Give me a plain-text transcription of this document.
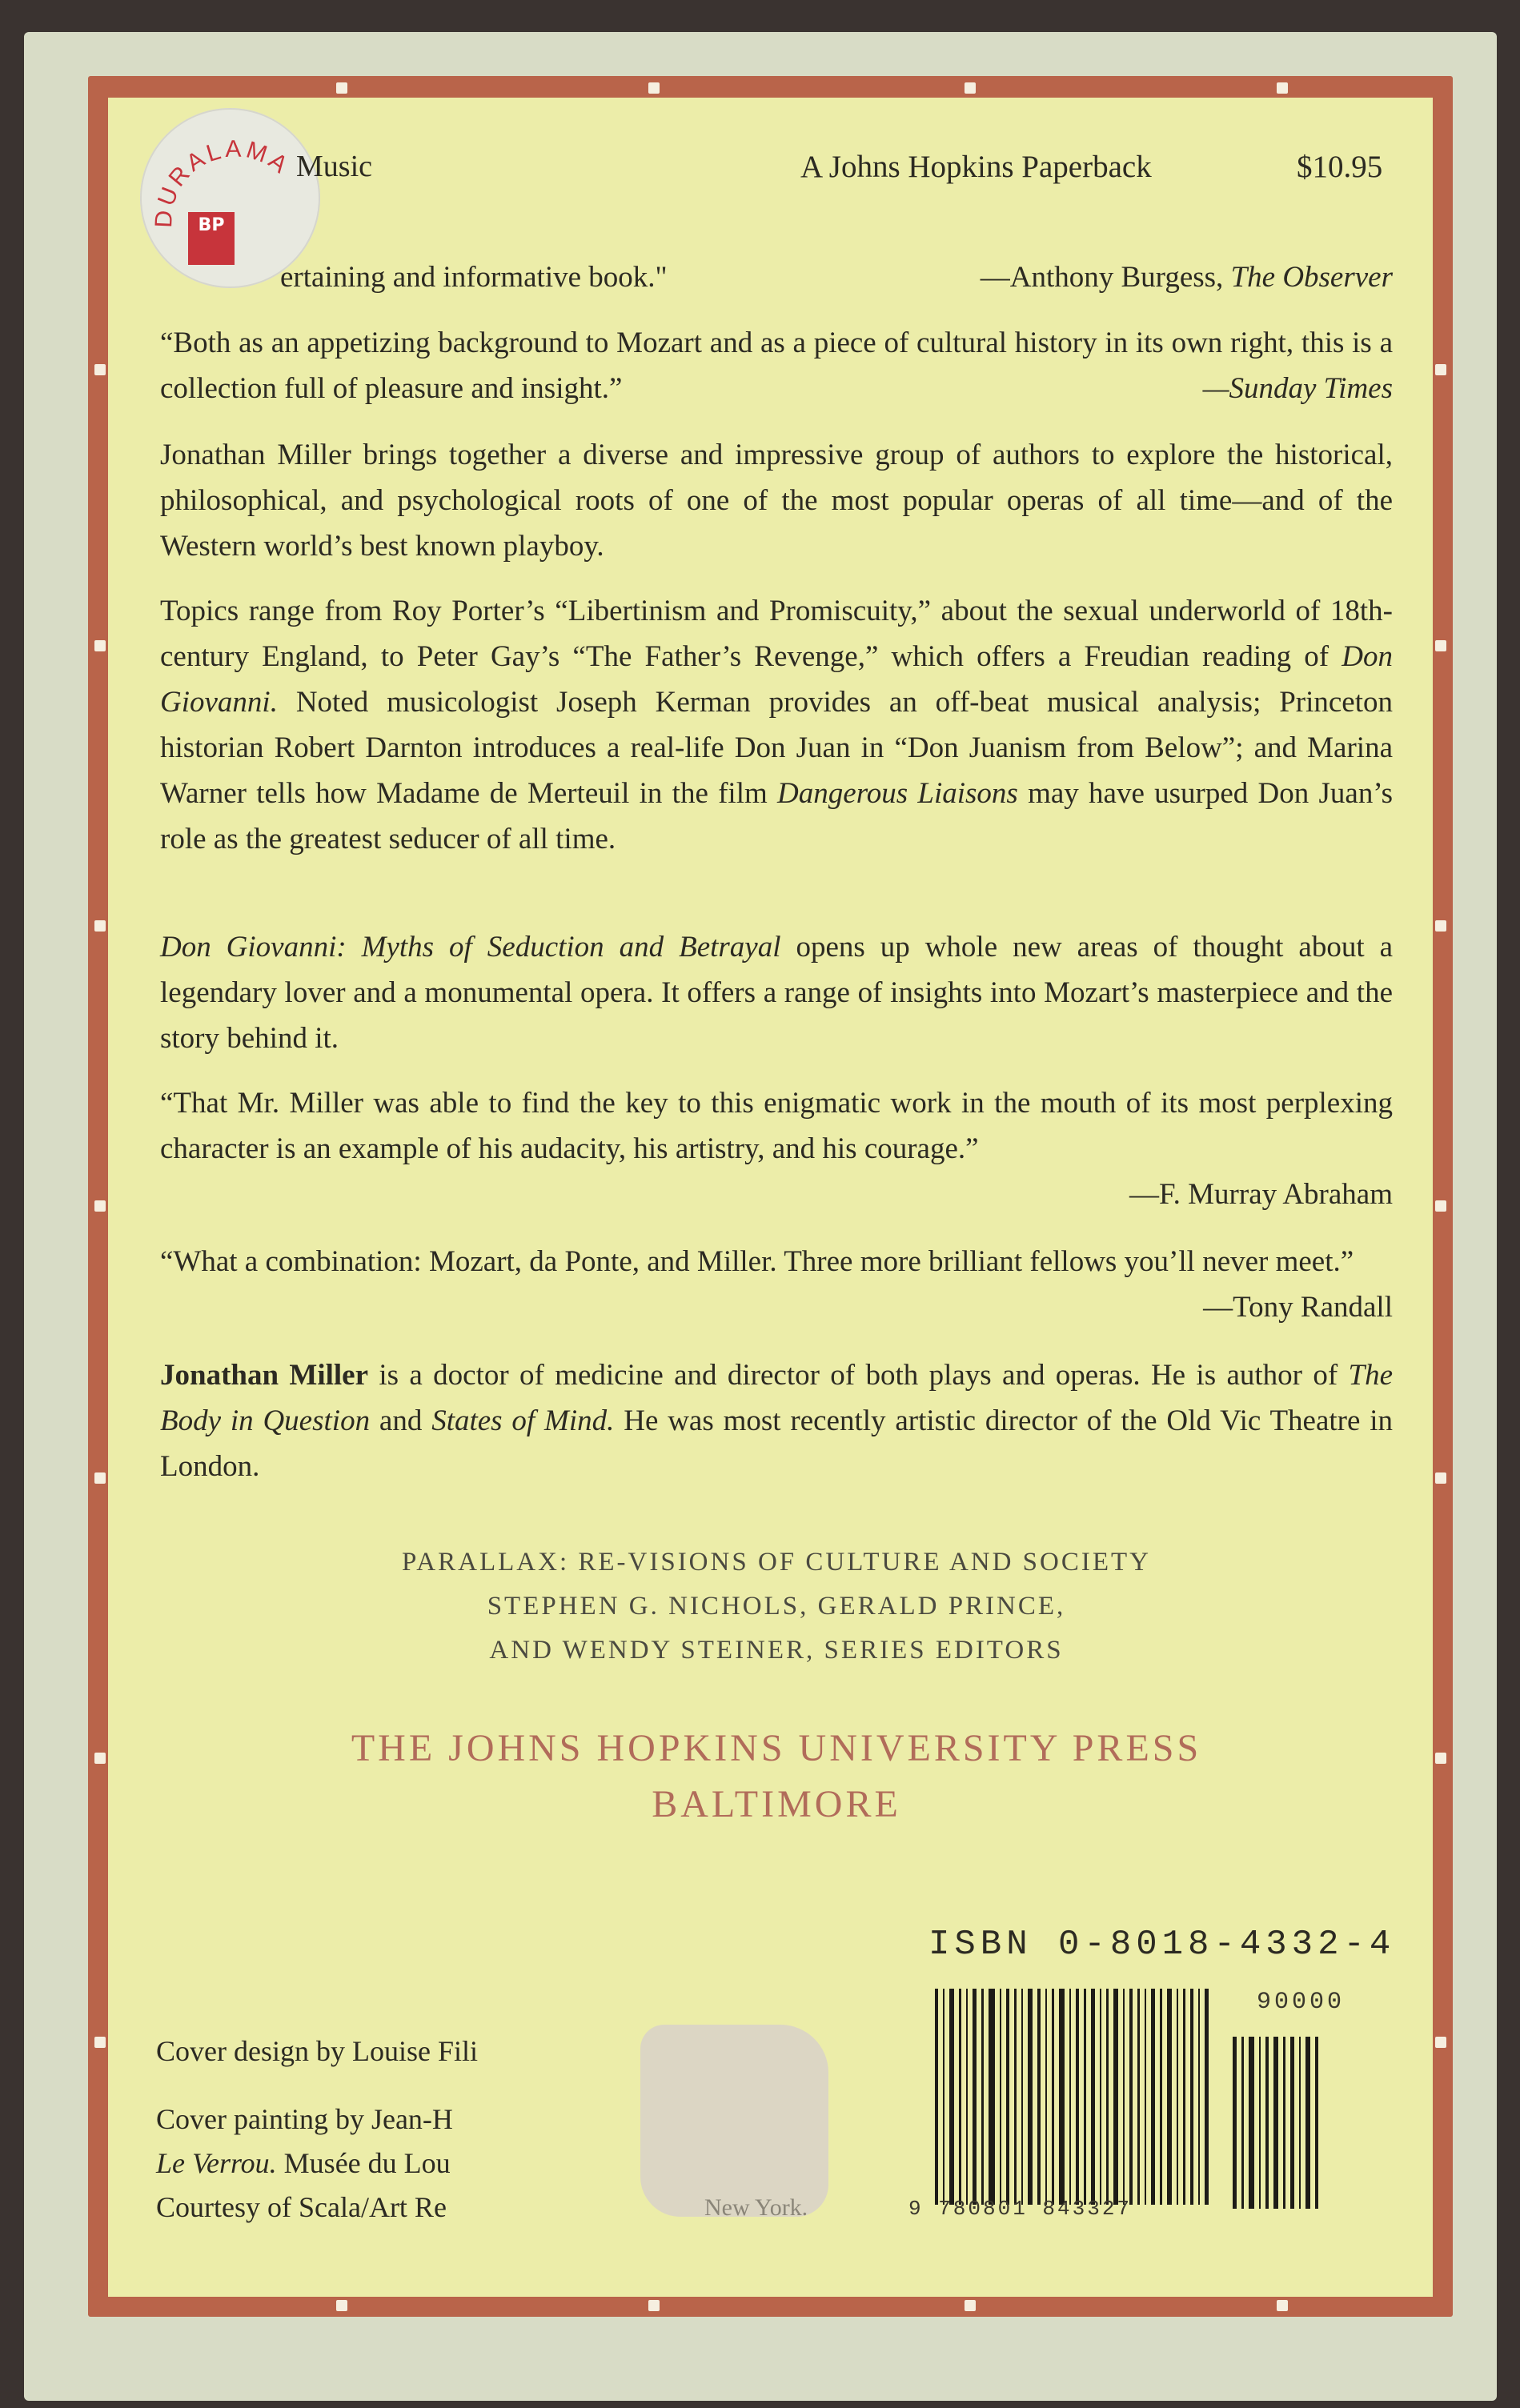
DURALAMA
BP
Music	A Johns Hopkins Paperback	$10.95
ertaining and informative book."	—Anthony Burgess, The Observer
“Both as an appetizing background to Mozart and as a piece of cultural history in its own right, this is a collection full of pleasure and insight.”	—Sunday Times
Jonathan Miller brings together a diverse and impressive group of authors to explore the historical, philosophical, and psychological roots of one of the most popular operas of all time—and of the Western world’s best known playboy.
Topics range from Roy Porter’s “Libertinism and Promiscuity,” about the sexual underworld of 18th-century England, to Peter Gay’s “The Father’s Revenge,” which offers a Freudian reading of Don Giovanni. Noted musicologist Joseph Kerman provides an off-beat musical analysis; Princeton historian Robert Darnton introduces a real-life Don Juan in “Don Juanism from Below”; and Marina Warner tells how Madame de Merteuil in the film Dangerous Liaisons may have usurped Don Juan’s role as the greatest seducer of all time.
Don Giovanni: Myths of Seduction and Betrayal opens up whole new areas of thought about a legendary lover and a monumental opera. It offers a range of insights into Mozart’s masterpiece and the story behind it.
“That Mr. Miller was able to find the key to this enigmatic work in the mouth of its most perplexing character is an example of his audacity, his artistry, and his courage.”
—F. Murray Abraham
“What a combination: Mozart, da Ponte, and Miller. Three more brilliant fellows you’ll never meet.”
—Tony Randall
Jonathan Miller is a doctor of medicine and director of both plays and operas. He is author of The Body in Question and States of Mind. He was most recently artistic director of the Old Vic Theatre in London.
PARALLAX: RE-VISIONS OF CULTURE AND SOCIETY
STEPHEN G. NICHOLS, GERALD PRINCE,
AND WENDY STEINER, SERIES EDITORS
THE JOHNS HOPKINS UNIVERSITY PRESS
BALTIMORE
Cover design by Louise Fili
Cover painting by Jean-H
Le Verrou. Musée du Lou
Courtesy of Scala/Art Re	New York.
ISBN 0-8018-4332-4
90000
9 780801 843327
